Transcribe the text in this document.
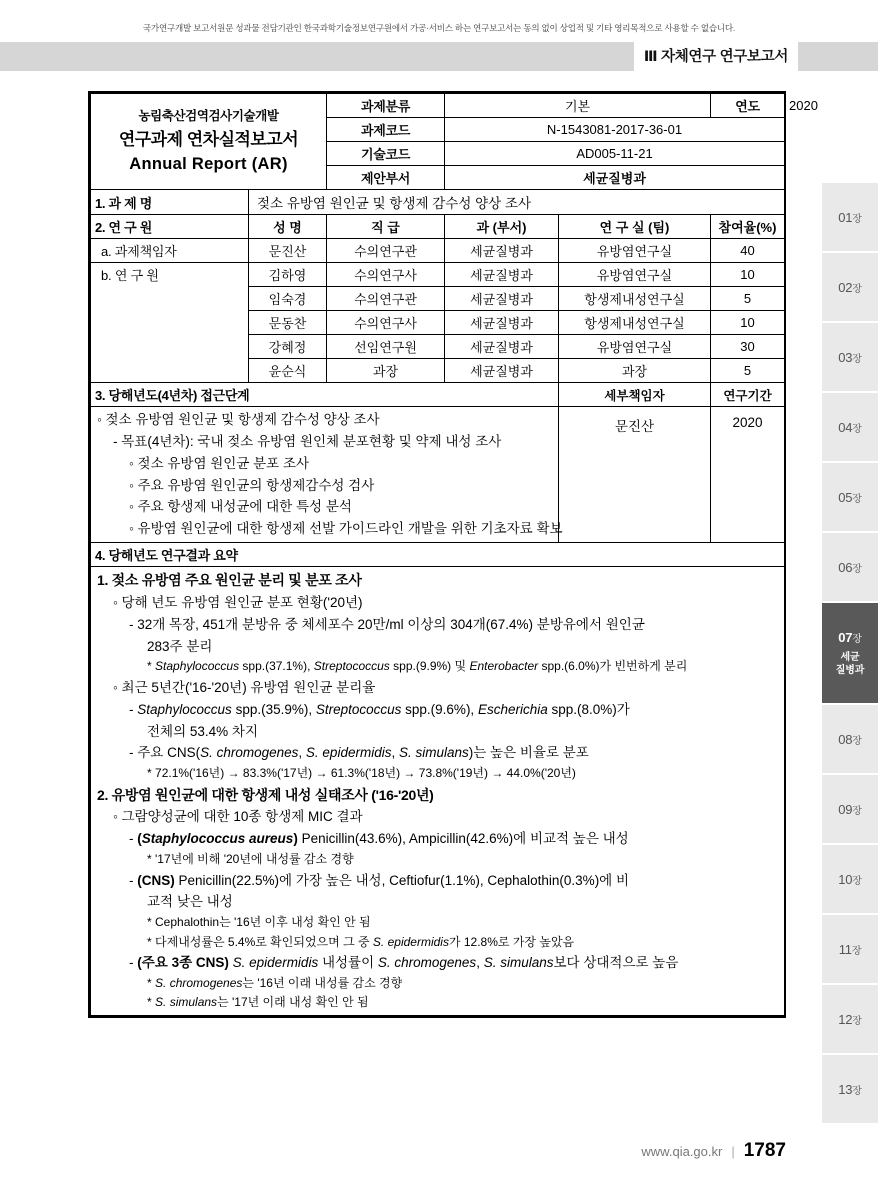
국가연구개발 보고서원문 성과물 전담기관인 한국과학기술정보연구원에서 가공·서비스 하는 연구보고서는 동의 없이 상업적 및 기타 영리목적으로 사용할 수 없습니다.
Ⅲ 자체연구 연구보고서
01장
02장
03장
04장
05장
06장
07장
세균
질병과
08장
09장
10장
11장
12장
13장
농림축산검역검사기술개발
연구과제 연차실적보고서
Annual Report (AR)		과제분류	기본		연도	2020
		과제코드	N-1543081-2017-36-01			
		기술코드	AD005-11-21			
		제안부서	세균질병과			
1. 과 제 명	젖소 유방염 원인균 및 항생제 감수성 양상 조사					
2. 연 구 원	성 명	직 급	과 (부서)	연 구 실 (팀)	참여율(%)	
a. 과제책임자	문진산	수의연구관	세균질병과	유방염연구실	40	
b. 연 구 원	김하영	수의연구사	세균질병과	유방염연구실	10	
	임숙경	수의연구관	세균질병과	항생제내성연구실	5	
	문동찬	수의연구사	세균질병과	항생제내성연구실	10	
	강혜정	선임연구원	세균질병과	유방염연구실	30	
	윤순식	과장	세균질병과	과장	5	
3. 당해년도(4년차) 접근단계				세부책임자	연구기간	

◦ 젖소 유방염 원인균 및 항생제 감수성 양상 조사
- 목표(4년차): 국내 젖소 유방염 원인체 분포현황 및 약제 내성 조사
◦ 젖소 유방염 원인균 분포 조사
◦ 주요 유방염 원인균의 항생제감수성 검사
◦ 주요 항생제 내성균에 대한 특성 분석
◦ 유방염 원인균에 대한 항생제 선발 가이드라인 개발을 위한 기초자료 확보
	문진산	2020
4. 당해년도 연구결과 요약						

1. 젖소 유방염 주요 원인균 분리 및 분포 조사
◦ 당해 년도 유방염 원인균 분포 현황('20년)
- 32개 목장, 451개 분방유 중 체세포수 20만/ml 이상의 304개(67.4%) 분방유에서 원인균
283주 분리
* Staphylococcus spp.(37.1%), Streptococcus spp.(9.9%) 및 Enterobacter spp.(6.0%)가 빈번하게 분리
◦ 최근 5년간('16-'20년) 유방염 원인균 분리율
- Staphylococcus spp.(35.9%), Streptococcus spp.(9.6%), Escherichia spp.(8.0%)가
전체의 53.4% 차지
- 주요 CNS(S. chromogenes, S. epidermidis, S. simulans)는 높은 비율로 분포
* 72.1%('16년) → 83.3%('17년) → 61.3%('18년) → 73.8%('19년) → 44.0%('20년)
2. 유방염 원인균에 대한 항생제 내성 실태조사 ('16-'20년)
◦ 그람양성균에 대한 10종 항생제 MIC 결과
- (Staphylococcus aureus) Penicillin(43.6%), Ampicillin(42.6%)에 비교적 높은 내성
* '17년에 비해 '20년에 내성률 감소 경향
- (CNS) Penicillin(22.5%)에 가장 높은 내성, Ceftiofur(1.1%), Cephalothin(0.3%)에 비
교적 낮은 내성
* Cephalothin는 '16년 이후 내성 확인 안 됨
* 다제내성률은 5.4%로 확인되었으며 그 중 S. epidermidis가 12.8%로 가장 높았음
- (주요 3종 CNS) S. epidermidis 내성률이 S. chromogenes, S. simulans보다 상대적으로 높음
* S. chromogenes는 '16년 이래 내성률 감소 경향
* S. simulans는 '17년 이래 내성 확인 안 됨
www.qia.go.kr | 1787
